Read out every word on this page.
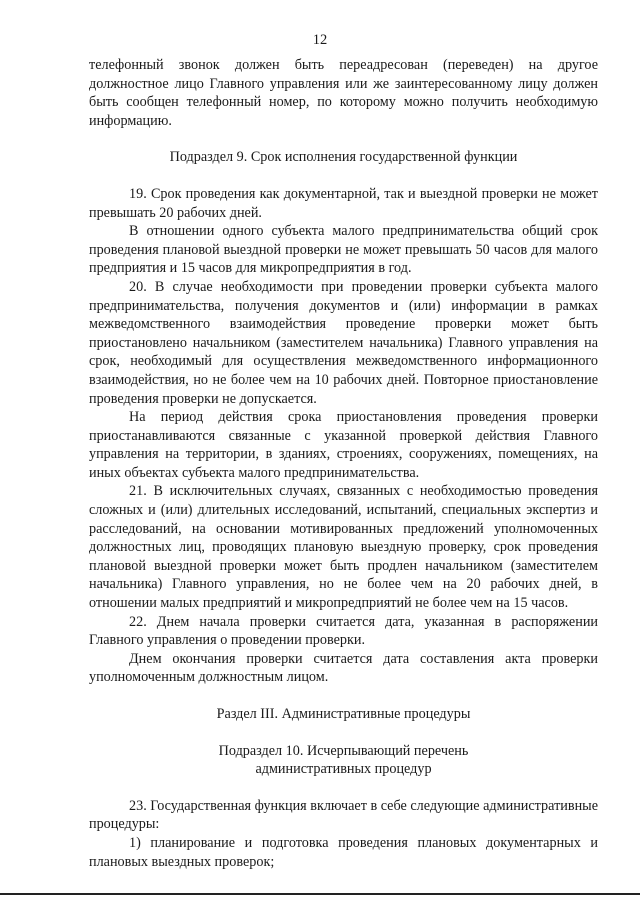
12

телефонный звонок должен быть переадресован (переведен) на другое должностное лицо Главного управления или же заинтересованному лицу должен быть сообщен телефонный номер, по которому можно получить необходимую информацию.

Подраздел 9. Срок исполнения государственной функции

19. Срок проведения как документарной, так и выездной проверки не может превышать 20 рабочих дней.

В отношении одного субъекта малого предпринимательства общий срок проведения плановой выездной проверки не может превышать 50 часов для малого предприятия и 15 часов для микропредприятия в год.

20. В случае необходимости при проведении проверки субъекта малого предпринимательства, получения документов и (или) информации в рамках межведомственного взаимодействия проведение проверки может быть приостановлено начальником (заместителем начальника) Главного управления на срок, необходимый для осуществления межведомственного информационного взаимодействия, но не более чем на 10 рабочих дней. Повторное приостановление проведения проверки не допускается.

На период действия срока приостановления проведения проверки приостанавливаются связанные с указанной проверкой действия Главного управления на территории, в зданиях, строениях, сооружениях, помещениях, на иных объектах субъекта малого предпринимательства.

21. В исключительных случаях, связанных с необходимостью проведения сложных и (или) длительных исследований, испытаний, специальных экспертиз и расследований, на основании мотивированных предложений уполномоченных должностных лиц, проводящих плановую выездную проверку, срок проведения плановой выездной проверки может быть продлен начальником (заместителем начальника) Главного управления, но не более чем на 20 рабочих дней, в отношении малых предприятий и микропредприятий не более чем на 15 часов.

22. Днем начала проверки считается дата, указанная в распоряжении Главного управления о проведении проверки.

Днем окончания проверки считается дата составления акта проверки уполномоченным должностным лицом.

Раздел III. Административные процедуры

Подраздел 10. Исчерпывающий перечень

административных процедур

23. Государственная функция включает в себе следующие административные процедуры:

1) планирование и подготовка проведения плановых документарных и плановых выездных проверок;
